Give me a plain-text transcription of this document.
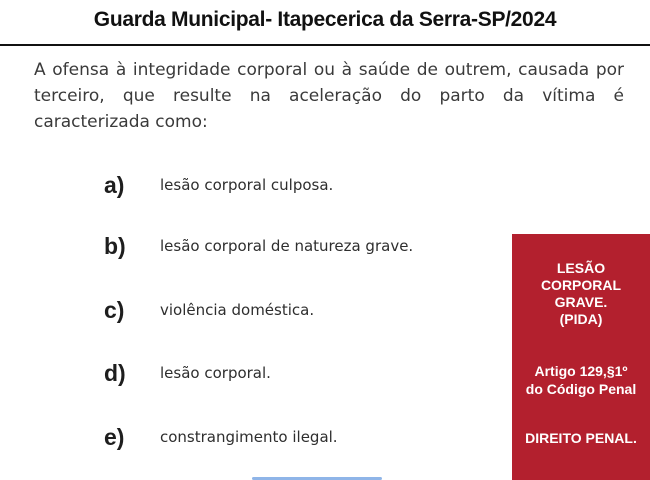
Guarda Municipal- Itapecerica da Serra-SP/2024
A ofensa à integridade corporal ou à saúde de outrem, causada por terceiro, que resulte na aceleração do parto da vítima é caracterizada como:
a) lesão corporal culposa.
b) lesão corporal de natureza grave.
c) violência doméstica.
d) lesão corporal.
e) constrangimento ilegal.
LESÃO
CORPORAL
GRAVE.
(PIDA)
Artigo 129,§1º
do Código Penal
DIREITO PENAL.
